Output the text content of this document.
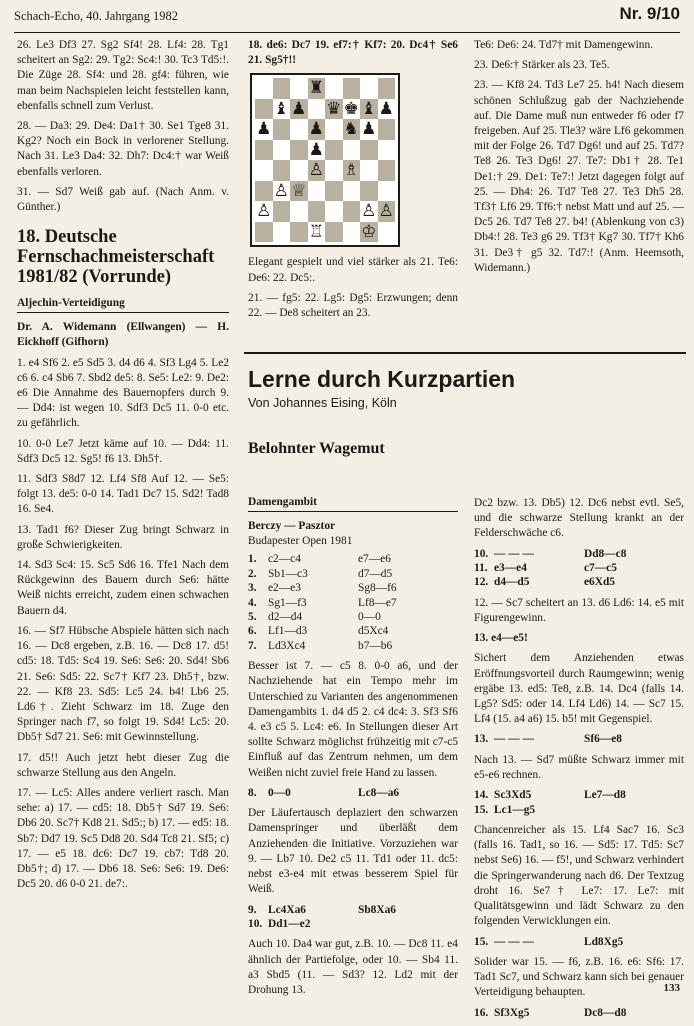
Schach-Echo, 40. Jahrgang 1982	Nr. 9/10

26. Le3 Df3 27. Sg2 Sf4! 28. Lf4: 28. Tg1 scheitert an Sg2: 29. Tg2: Sc4:! 30. Tc3 Td5:!. Die Züge 28. Sf4: und 28. gf4: führen, wie man beim Nachspielen leicht feststellen kann, ebenfalls schnell zum Verlust.

28. — Da3: 29. De4: Da1† 30. Se1 Tge8 31. Kg2? Noch ein Bock in verlorener Stellung. Nach 31. Le3 Da4: 32. Dh7: Dc4:† war Weiß ebenfalls verloren.

31. — Sd7 Weiß gab auf. (Nach Anm. v. Günther.)

18. Deutsche Fernschachmeisterschaft 1981/82 (Vorrunde)
Aljechin-Verteidigung

Dr. A. Widemann (Ellwangen) — H. Eickhoff (Gifhorn)

1. e4 Sf6 2. e5 Sd5 3. d4 d6 4. Sf3 Lg4 5. Le2 c6 6. c4 Sb6 7. Sbd2 de5: 8. Se5: Le2: 9. De2: e6 Die Annahme des Bauernopfers durch 9. — Dd4: ist wegen 10. Sdf3 Dc5 11. 0-0 etc. zu gefährlich.

10. 0-0 Le7 Jetzt käme auf 10. — Dd4: 11. Sdf3 Dc5 12. Sg5! f6 13. Dh5†.

11. Sdf3 S8d7 12. Lf4 Sf8 Auf 12. — Se5: folgt 13. de5: 0-0 14. Tad1 Dc7 15. Sd2! Tad8 16. Se4.

13. Tad1 f6? Dieser Zug bringt Schwarz in große Schwierigkeiten.

14. Sd3 Sc4: 15. Sc5 Sd6 16. Tfe1 Nach dem Rückgewinn des Bauern durch Se6: hätte Weiß nichts erreicht, zudem einen schwachen Bauern d4.

16. — Sf7 Hübsche Abspiele hätten sich nach 16. — Dc8 ergeben, z.B. 16. — Dc8 17. d5! cd5: 18. Td5: Sc4 19. Se6: Se6: 20. Sd4! Sb6 21. Se6: Sd5: 22. Sc7† Kf7 23. Dh5†, bzw. 22. — Kf8 23. Sd5: Lc5 24. b4! Lb6 25. Ld6†. Zieht Schwarz im 18. Zuge den Springer nach f7, so folgt 19. Sd4! Lc5: 20. Db5† Sd7 21. Se6: mit Gewinnstellung.

17. d5!! Auch jetzt hebt dieser Zug die schwarze Stellung aus den Angeln.

17. — Lc5: Alles andere verliert rasch. Man sehe: a) 17. — cd5: 18. Db5† Sd7 19. Se6: Db6 20. Sc7† Kd8 21. Sd5:; b) 17. — ed5: 18. Sb7: Dd7 19. Sc5 Dd8 20. Sd4 Tc8 21. Sf5; c) 17. — e5 18. dc6: Dc7 19. cb7: Td8 20. Db5†; d) 17. — Db6 18. Se6: Se6: 19. De6: Dc5 20. d6 0-0 21. de7:.

18. de6: Dc7 19. ef7:† Kf7: 20. Dc4† Se6 21. Sg5†!!

♜
♝ ♟ ♛ ♚ ♝ ♟
♟ ♟ ♞ ♟
♟
♙ ♗
♙ ♕
♙	♙ ♙
♖ ♔

Elegant gespielt und viel stärker als 21. Te6: De6: 22. Dc5:.

21. — fg5: 22. Lg5: Dg5: Erzwungen; denn 22. — De8 scheitert an 23.

Te6: De6: 24. Td7† mit Damengewinn.

23. De6:† Stärker als 23. Te5.

23. — Kf8 24. Td3 Le7 25. h4! Nach diesem schönen Schlußzug gab der Nachziehende auf. Die Dame muß nun entweder f6 oder f7 freigeben. Auf 25. Tle3? wäre Lf6 gekommen mit der Folge 26. Td7 Dg6! und auf 25. Td7? Te8 26. Te3 Dg6! 27. Te7: Db1† 28. Te1 De1:† 29. De1: Te7:! Jetzt dagegen folgt auf 25. — Dh4: 26. Td7 Te8 27. Te3 Dh5 28. Tf3† Lf6 29. Tf6:† nebst Matt und auf 25. — Dc5 26. Td7 Te8 27. b4! (Ablenkung von c3) Db4:! 28. Te3 g6 29. Tf3† Kg7 30. Tf7† Kh6 31. De3† g5 32. Td7:! (Anm. Heemsoth, Widemann.)

Lerne durch Kurzpartien
Von Johannes Eising, Köln
Belohnter Wagemut
Damengambit

Berczy — Pasztor

Budapester Open 1981

1.	c2—c4	e7—e6
2.	Sb1—c3	d7—d5
3.	e2—e3	Sg8—f6
4.	Sg1—f3	Lf8—e7
5.	d2—d4	0—0
6.	Lf1—d3	d5Xc4
7.	Ld3Xc4	b7—b6

Besser ist 7. — c5 8. 0-0 a6, und der Nachziehende hat ein Tempo mehr im Unterschied zu Varianten des angenommenen Damengambits 1. d4 d5 2. c4 dc4: 3. Sf3 Sf6 4. e3 c5 5. Lc4: e6. In Stellungen dieser Art sollte Schwarz möglichst frühzeitig mit c7-c5 Einfluß auf das Zentrum nehmen, um dem Weißen nicht zuviel freie Hand zu lassen.

8.	0—0	Lc8—a6

Der Läufertausch deplaziert den schwarzen Damenspringer und überläßt dem Anziehenden die Initiative. Vorzuziehen war 9. — Lb7 10. De2 c5 11. Td1 oder 11. dc5: nebst e3-e4 mit etwas besserem Spiel für Weiß.

9.	Lc4Xa6	Sb8Xa6
10. Dd1—e2

Auch 10. Da4 war gut, z.B. 10. — Dc8 11. e4 ähnlich der Partiefolge, oder 10. — Sb4 11. a3 Sbd5 (11. — Sd3? 12. Ld2 mit der Drohung 13.

Dc2 bzw. 13. Db5) 12. Dc6 nebst evtl. Se5, und die schwarze Stellung krankt an der Felderschwäche c6.

10. — — —	Dd8—c8
11. e3—e4	c7—c5
12. d4—d5	e6Xd5

12. — Sc7 scheitert an 13. d6 Ld6: 14. e5 mit Figurengewinn.

13. e4—e5!

Sichert dem Anziehenden etwas Eröffnungsvorteil durch Raumgewinn; wenig ergäbe 13. ed5: Te8, z.B. 14. Dc4 (falls 14. Lg5? Sd5: oder 14. Lf4 Ld6) 14. — Sc7 15. Lf4 (15. a4 a6) 15. b5! mit Gegenspiel.

13. — — —	Sf6—e8

Nach 13. — Sd7 müßte Schwarz immer mit e5-e6 rechnen.

14. Sc3Xd5	Le7—d8
15. Lc1—g5

Chancenreicher als 15. Lf4 Sac7 16. Sc3 (falls 16. Tad1, so 16. — Sd5: 17. Td5: Sc7 nebst Se6) 16. — f5!, und Schwarz verhindert die Springerwanderung nach d6. Der Textzug droht 16. Se7† Le7: 17. Le7: mit Qualitätsgewinn und lädt Schwarz zu den folgenden Verwicklungen ein.

15. — — —	Ld8Xg5

Solider war 15. — f6, z.B. 16. e6: Sf6: 17. Tad1 Sc7, und Schwarz kann sich bei genauer Verteidigung behaupten.

16. Sf3Xg5	Dc8—d8
133
